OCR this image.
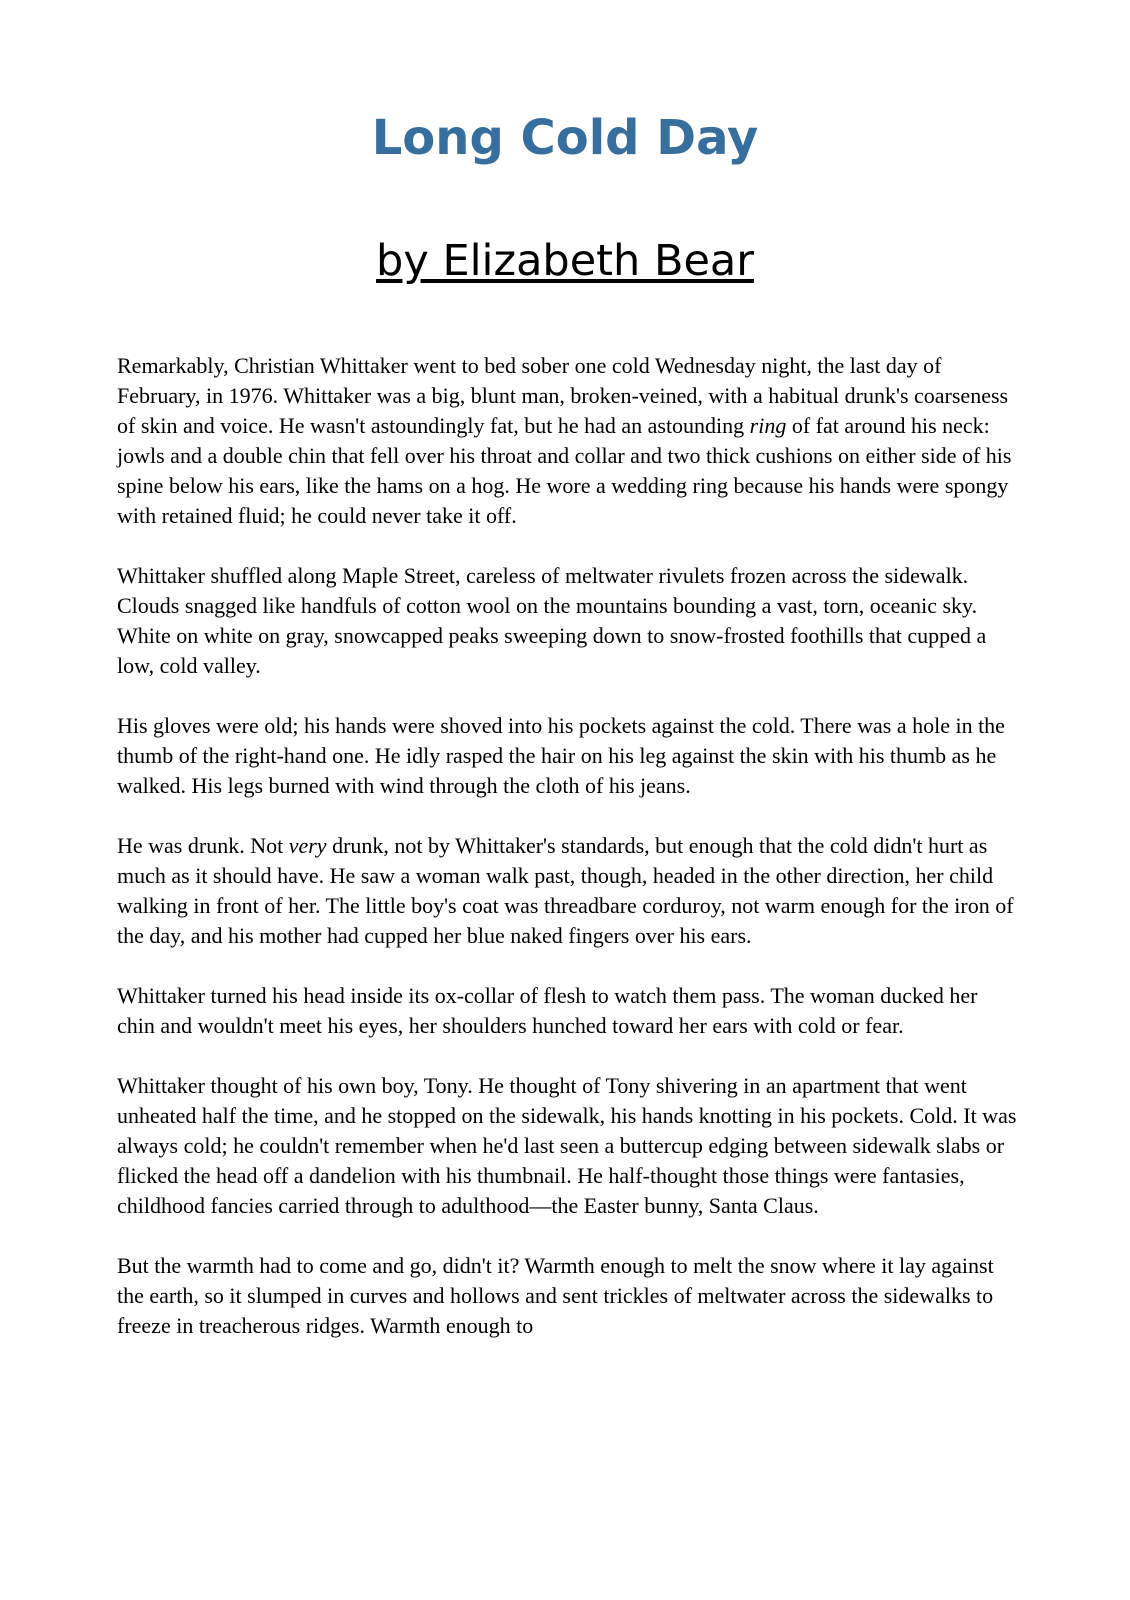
Long Cold Day
by Elizabeth Bear

Remarkably, Christian Whittaker went to bed sober one cold Wednesday night, the last day of February, in 1976. Whittaker was a big, blunt man, broken-veined, with a habitual drunk's coarseness of skin and voice. He wasn't astoundingly fat, but he had an astounding ring of fat around his neck: jowls and a double chin that fell over his throat and collar and two thick cushions on either side of his spine below his ears, like the hams on a hog. He wore a wedding ring because his hands were spongy with retained fluid; he could never take it off.

Whittaker shuffled along Maple Street, careless of meltwater rivulets frozen across the sidewalk. Clouds snagged like handfuls of cotton wool on the mountains bounding a vast, torn, oceanic sky. White on white on gray, snowcapped peaks sweeping down to snow-frosted foothills that cupped a low, cold valley.

His gloves were old; his hands were shoved into his pockets against the cold. There was a hole in the thumb of the right-hand one. He idly rasped the hair on his leg against the skin with his thumb as he walked. His legs burned with wind through the cloth of his jeans.

He was drunk. Not very drunk, not by Whittaker's standards, but enough that the cold didn't hurt as much as it should have. He saw a woman walk past, though, headed in the other direction, her child walking in front of her. The little boy's coat was threadbare corduroy, not warm enough for the iron of the day, and his mother had cupped her blue naked fingers over his ears.

Whittaker turned his head inside its ox-collar of flesh to watch them pass. The woman ducked her chin and wouldn't meet his eyes, her shoulders hunched toward her ears with cold or fear.

Whittaker thought of his own boy, Tony. He thought of Tony shivering in an apartment that went unheated half the time, and he stopped on the sidewalk, his hands knotting in his pockets. Cold. It was always cold; he couldn't remember when he'd last seen a buttercup edging between sidewalk slabs or flicked the head off a dandelion with his thumbnail. He half-thought those things were fantasies, childhood fancies carried through to adulthood—the Easter bunny, Santa Claus.

But the warmth had to come and go, didn't it? Warmth enough to melt the snow where it lay against the earth, so it slumped in curves and hollows and sent trickles of meltwater across the sidewalks to freeze in treacherous ridges. Warmth enough to
